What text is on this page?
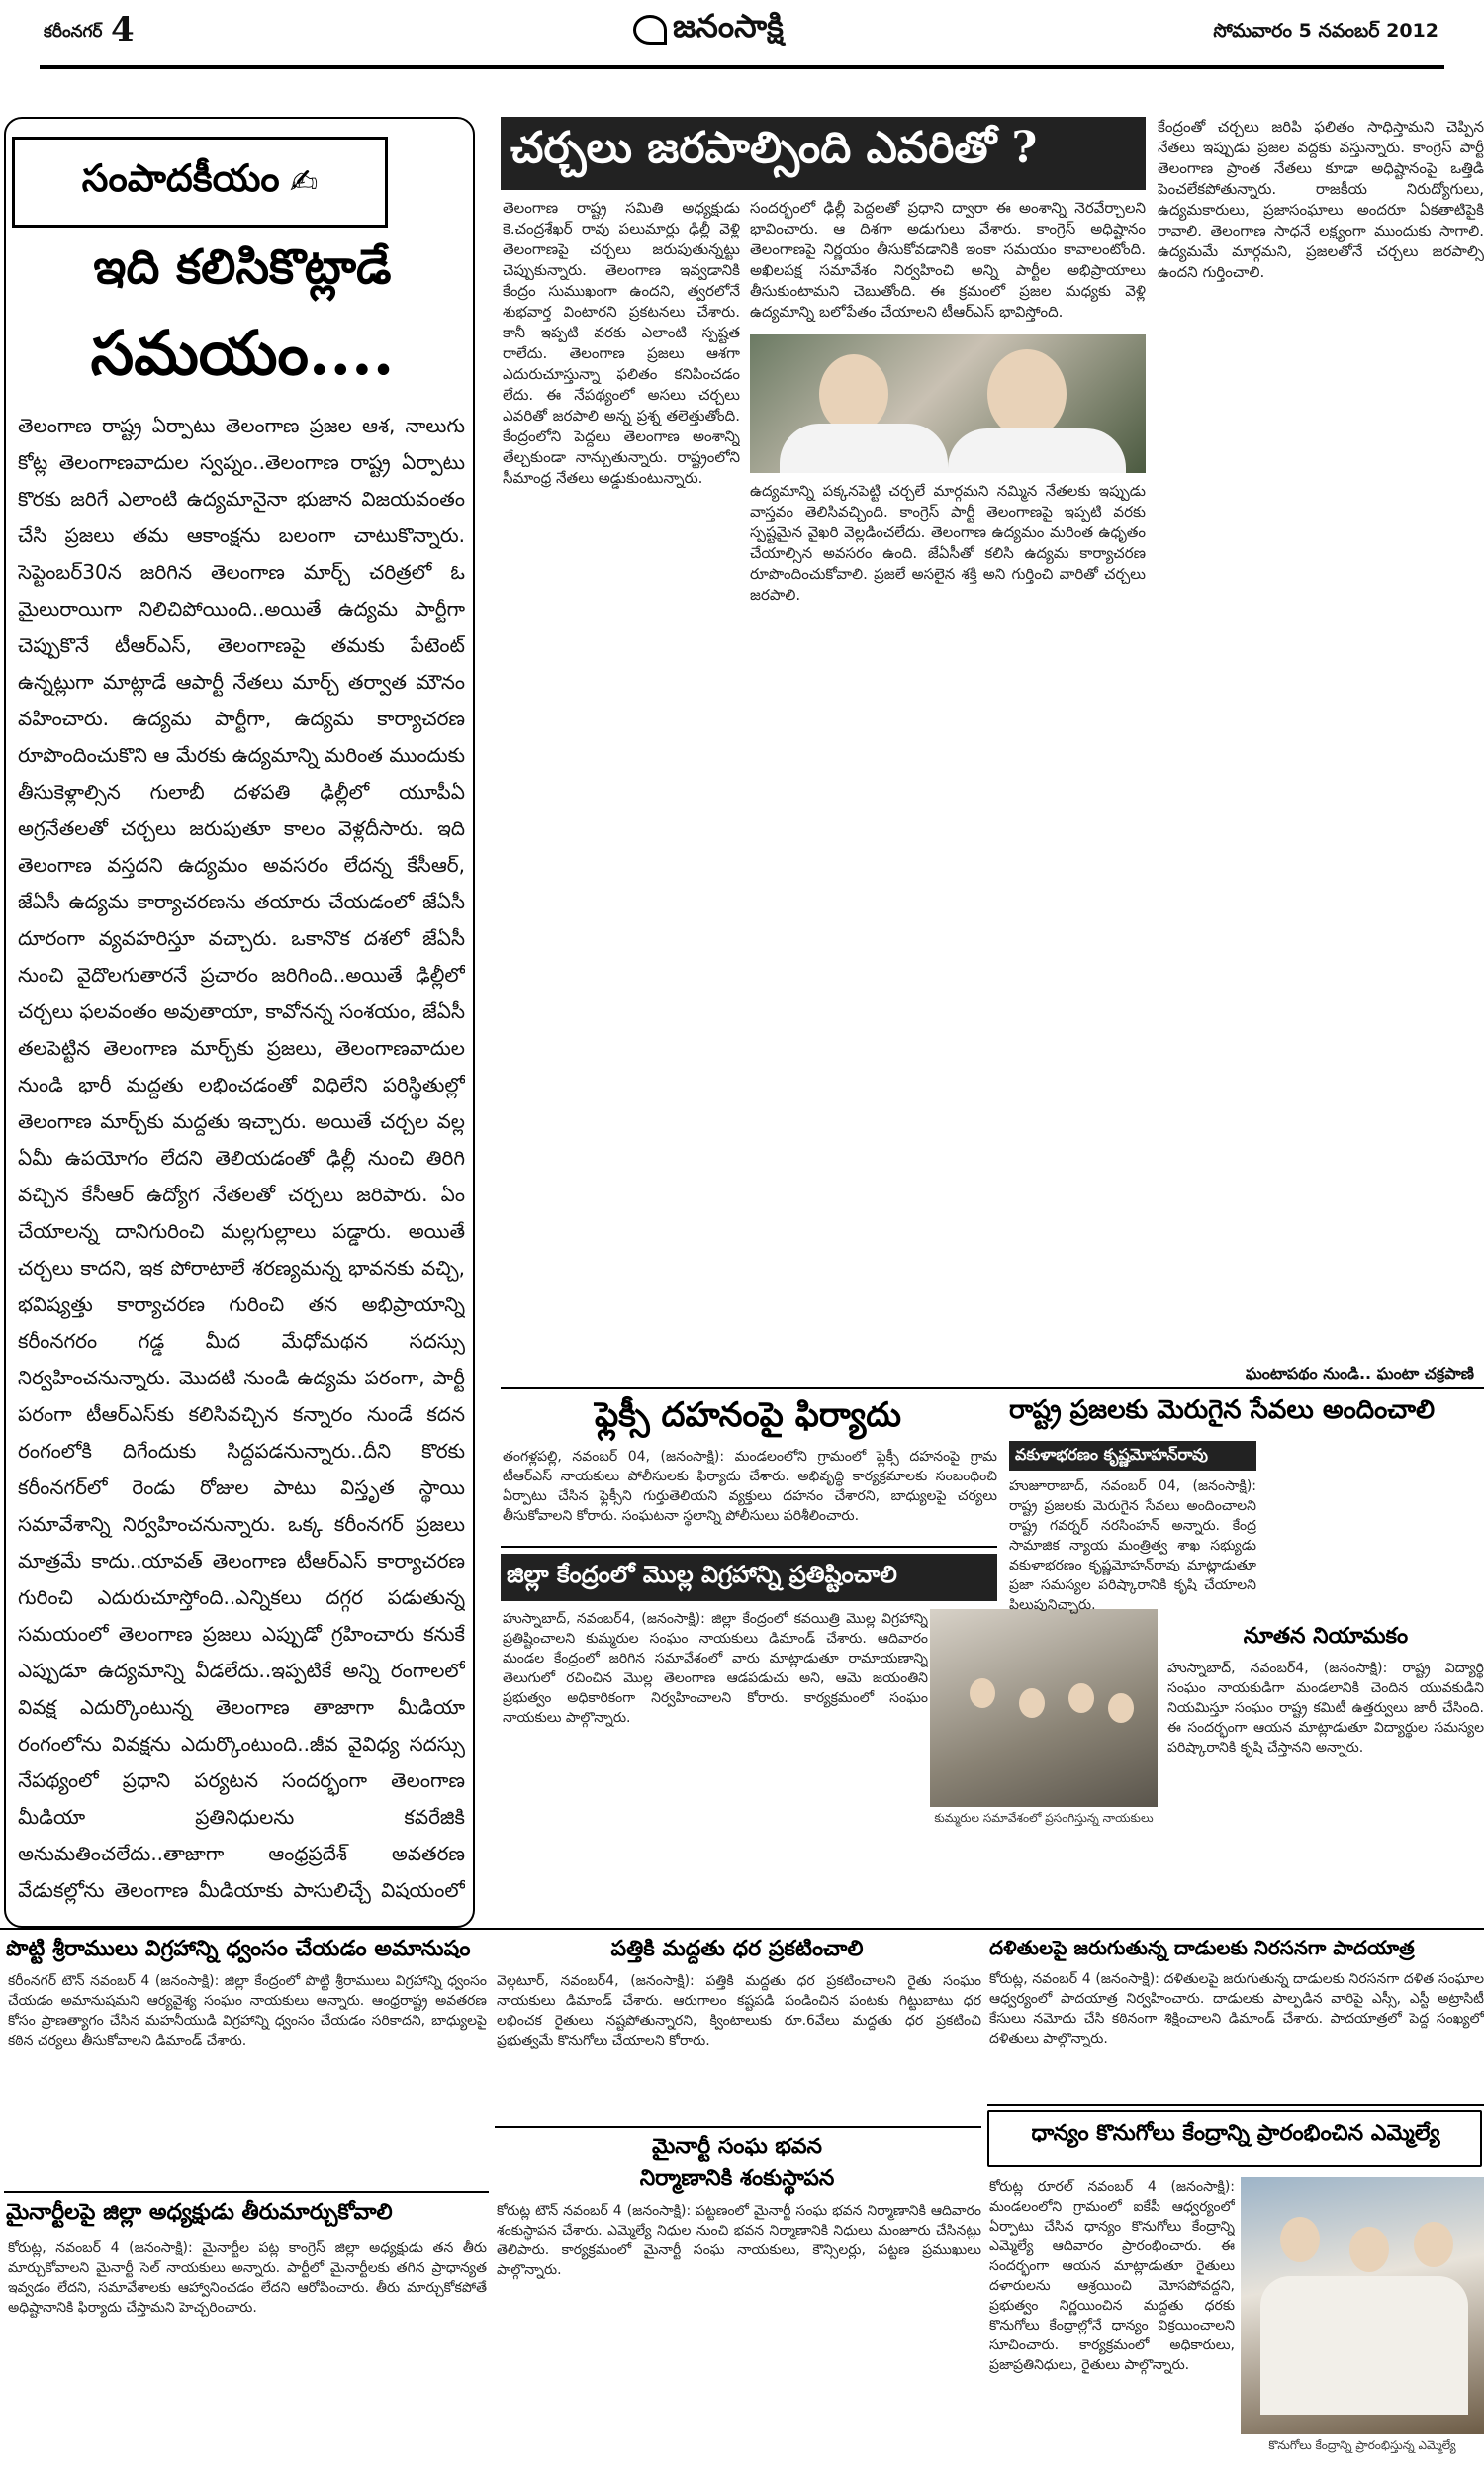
కరీంనగర్ 4	జనంసాక్షి	సోమవారం 5 నవంబర్ 2012
సంపాదకీయం ✍
ఇది కలిసికొట్లాడే
సమయం....
తెలంగాణ రాష్ట్ర ఏర్పాటు తెలంగాణ ప్రజల ఆశ, నాలుగు కోట్ల తెలంగాణవాదుల స్వప్నం..తెలంగాణ రాష్ట్ర ఏర్పాటు కొరకు జరిగే ఎలాంటి ఉద్యమానైనా భుజాన విజయవంతం చేసి ప్రజలు తమ ఆకాంక్షను బలంగా చాటుకొన్నారు. సెప్టెంబర్30న జరిగిన తెలంగాణ మార్చ్ చరిత్రలో ఓ మైలురాయిగా నిలిచిపోయింది..అయితే ఉద్యమ పార్టీగా చెప్పుకొనే టీఆర్ఎస్, తెలంగాణపై తమకు పేటెంట్ ఉన్నట్లుగా మాట్లాడే ఆపార్టీ నేతలు మార్చ్ తర్వాత మౌనం వహించారు. ఉద్యమ పార్టీగా, ఉద్యమ కార్యాచరణ రూపొందించుకొని ఆ మేరకు ఉద్యమాన్ని మరింత ముందుకు తీసుకెళ్లాల్సిన గులాబీ దళపతి ఢిల్లీలో యూపీఏ అగ్రనేతలతో చర్చలు జరుపుతూ కాలం వెళ్లదీసారు. ఇది తెలంగాణ వస్తదని ఉద్యమం అవసరం లేదన్న కేసీఆర్, జేఏసీ ఉద్యమ కార్యాచరణను తయారు చేయడంలో జేఏసీ దూరంగా వ్యవహరిస్తూ వచ్చారు. ఒకానొక దశలో జేఏసీ నుంచి వైదొలగుతారనే ప్రచారం జరిగింది..అయితే ఢిల్లీలో చర్చలు ఫలవంతం అవుతాయా, కావోనన్న సంశయం, జేఏసీ తలపెట్టిన తెలంగాణ మార్చ్‌కు ప్రజలు, తెలంగాణవాదుల నుండి భారీ మద్దతు లభించడంతో విధిలేని పరిస్థితుల్లో తెలంగాణ మార్చ్‌కు మద్దతు ఇచ్చారు. అయితే చర్చల వల్ల ఏమీ ఉపయోగం లేదని తెలియడంతో ఢిల్లీ నుంచి తిరిగి వచ్చిన కేసీఆర్ ఉద్యోగ నేతలతో చర్చలు జరిపారు. ఏం చేయాలన్న దానిగురించి మల్లగుల్లాలు పడ్డారు. అయితే చర్చలు కాదని, ఇక పోరాటాలే శరణ్యమన్న భావనకు వచ్చి, భవిష్యత్తు కార్యాచరణ గురించి తన అభిప్రాయాన్ని కరీంనగరం గడ్డ మీద మేధోమథన సదస్సు నిర్వహించనున్నారు. మొదటి నుండి ఉద్యమ పరంగా, పార్టీ పరంగా టీఆర్ఎస్‌కు కలిసివచ్చిన కన్నారం నుండే కదన రంగంలోకి దిగేందుకు సిద్దపడనున్నారు..దీని కొరకు కరీంనగర్‌లో రెండు రోజుల పాటు విస్తృత స్థాయి సమావేశాన్ని నిర్వహించనున్నారు. ఒక్క కరీంనగర్ ప్రజలు మాత్రమే కాదు..యావత్ తెలంగాణ టీఆర్ఎస్ కార్యాచరణ గురించి ఎదురుచూస్తోంది..ఎన్నికలు దగ్గర పడుతున్న సమయంలో తెలంగాణ ప్రజలు ఎప్పుడో గ్రహించారు కనుకే ఎప్పుడూ ఉద్యమాన్ని వీడలేదు..ఇప్పటికే అన్ని రంగాలలో వివక్ష ఎదుర్కొంటున్న తెలంగాణ తాజాగా మీడియా రంగంలోను వివక్షను ఎదుర్కొంటుంది..జీవ వైవిధ్య సదస్సు నేపథ్యంలో ప్రధాని పర్యటన సందర్భంగా తెలంగాణ మీడియా ప్రతినిధులను కవరేజికి అనుమతించలేదు..తాజాగా ఆంధ్రప్రదేశ్ అవతరణ వేడుకల్లోను తెలంగాణ మీడియాకు పాసులిచ్చే విషయంలో
చర్చలు జరపాల్సింది ఎవరితో ?
తెలంగాణ రాష్ట్ర సమితి అధ్యక్షుడు కె.చంద్రశేఖర్ రావు పలుమార్లు ఢిల్లీ వెళ్లి తెలంగాణపై చర్చలు జరుపుతున్నట్టు చెప్పుకున్నారు. తెలంగాణ ఇవ్వడానికి కేంద్రం సుముఖంగా ఉందని, త్వరలోనే శుభవార్త వింటారని ప్రకటనలు చేశారు. కానీ ఇప్పటి వరకు ఎలాంటి స్పష్టత రాలేదు. తెలంగాణ ప్రజలు ఆశగా ఎదురుచూస్తున్నా ఫలితం కనిపించడం లేదు. ఈ నేపథ్యంలో అసలు చర్చలు ఎవరితో జరపాలి అన్న ప్రశ్న తలెత్తుతోంది. కేంద్రంలోని పెద్దలు తెలంగాణ అంశాన్ని తేల్చకుండా నాన్చుతున్నారు. రాష్ట్రంలోని సీమాంధ్ర నేతలు అడ్డుకుంటున్నారు.
సందర్భంలో ఢిల్లీ పెద్దలతో ప్రధాని ద్వారా ఈ అంశాన్ని నెరవేర్చాలని భావించారు. ఆ దిశగా అడుగులు వేశారు. కాంగ్రెస్ అధిష్టానం తెలంగాణపై నిర్ణయం తీసుకోవడానికి ఇంకా సమయం కావాలంటోంది. అఖిలపక్ష సమావేశం నిర్వహించి అన్ని పార్టీల అభిప్రాయాలు తీసుకుంటామని చెబుతోంది. ఈ క్రమంలో ప్రజల మధ్యకు వెళ్లి ఉద్యమాన్ని బలోపేతం చేయాలని టీఆర్ఎస్ భావిస్తోంది.
ఉద్యమాన్ని పక్కనపెట్టి చర్చలే మార్గమని నమ్మిన నేతలకు ఇప్పుడు వాస్తవం తెలిసివచ్చింది. కాంగ్రెస్ పార్టీ తెలంగాణపై ఇప్పటి వరకు స్పష్టమైన వైఖరి వెల్లడించలేదు. తెలంగాణ ఉద్యమం మరింత ఉధృతం చేయాల్సిన అవసరం ఉంది. జేఏసీతో కలిసి ఉద్యమ కార్యాచరణ రూపొందించుకోవాలి. ప్రజలే అసలైన శక్తి అని గుర్తించి వారితో చర్చలు జరపాలి.
కేంద్రంతో చర్చలు జరిపి ఫలితం సాధిస్తామని చెప్పిన నేతలు ఇప్పుడు ప్రజల వద్దకు వస్తున్నారు. కాంగ్రెస్ పార్టీ తెలంగాణ ప్రాంత నేతలు కూడా అధిష్టానంపై ఒత్తిడి పెంచలేకపోతున్నారు. రాజకీయ నిరుద్యోగులు, ఉద్యమకారులు, ప్రజాసంఘాలు అందరూ ఏకతాటిపైకి రావాలి. తెలంగాణ సాధనే లక్ష్యంగా ముందుకు సాగాలి. ఉద్యమమే మార్గమని, ప్రజలతోనే చర్చలు జరపాల్సి ఉందని గుర్తించాలి.
ఘంటాపథం నుండి.. ఘంటా చక్రపాణి
ఫ్లెక్సీ దహనంపై ఫిర్యాదు
తంగళ్లపల్లి, నవంబర్ 04, (జనంసాక్షి): మండలంలోని గ్రామంలో ఫ్లెక్సీ దహనంపై గ్రామ టీఆర్ఎస్ నాయకులు పోలీసులకు ఫిర్యాదు చేశారు. అభివృద్ధి కార్యక్రమాలకు సంబంధించి ఏర్పాటు చేసిన ఫ్లెక్సీని గుర్తుతెలియని వ్యక్తులు దహనం చేశారని, బాధ్యులపై చర్యలు తీసుకోవాలని కోరారు. సంఘటనా స్థలాన్ని పోలీసులు పరిశీలించారు.
జిల్లా కేంద్రంలో మొల్ల విగ్రహాన్ని ప్రతిష్టించాలి
హుస్నాబాద్, నవంబర్4, (జనంసాక్షి): జిల్లా కేంద్రంలో కవయిత్రి మొల్ల విగ్రహాన్ని ప్రతిష్టించాలని కుమ్మరుల సంఘం నాయకులు డిమాండ్ చేశారు. ఆదివారం మండల కేంద్రంలో జరిగిన సమావేశంలో వారు మాట్లాడుతూ రామాయణాన్ని తెలుగులో రచించిన మొల్ల తెలంగాణ ఆడపడుచు అని, ఆమె జయంతిని ప్రభుత్వం అధికారికంగా నిర్వహించాలని కోరారు. కార్యక్రమంలో సంఘం నాయకులు పాల్గొన్నారు.
కుమ్మరుల సమావేశంలో ప్రసంగిస్తున్న నాయకులు
రాష్ట్ర ప్రజలకు మెరుగైన సేవలు అందించాలి
వకుళాభరణం కృష్ణమోహన్‌రావు
హుజూరాబాద్, నవంబర్ 04, (జనంసాక్షి): రాష్ట్ర ప్రజలకు మెరుగైన సేవలు అందించాలని రాష్ట్ర గవర్నర్ నరసింహన్ అన్నారు. కేంద్ర సామాజిక న్యాయ మంత్రిత్వ శాఖ సభ్యుడు వకుళాభరణం కృష్ణమోహన్‌రావు మాట్లాడుతూ ప్రజా సమస్యల పరిష్కారానికి కృషి చేయాలని పిలుపునిచ్చారు.
నూతన నియామకం
హుస్నాబాద్, నవంబర్4, (జనంసాక్షి): రాష్ట్ర విద్యార్థి సంఘం నాయకుడిగా మండలానికి చెందిన యువకుడిని నియమిస్తూ సంఘం రాష్ట్ర కమిటీ ఉత్తర్వులు జారీ చేసింది. ఈ సందర్భంగా ఆయన మాట్లాడుతూ విద్యార్థుల సమస్యల పరిష్కారానికి కృషి చేస్తానని అన్నారు.
పొట్టి శ్రీరాములు విగ్రహాన్ని ధ్వంసం చేయడం అమానుషం
కరీంనగర్ టౌన్ నవంబర్ 4 (జనంసాక్షి): జిల్లా కేంద్రంలో పొట్టి శ్రీరాములు విగ్రహాన్ని ధ్వంసం చేయడం అమానుషమని ఆర్యవైశ్య సంఘం నాయకులు అన్నారు. ఆంధ్రరాష్ట్ర అవతరణ కోసం ప్రాణత్యాగం చేసిన మహనీయుడి విగ్రహాన్ని ధ్వంసం చేయడం సరికాదని, బాధ్యులపై కఠిన చర్యలు తీసుకోవాలని డిమాండ్ చేశారు.
మైనార్టీలపై జిల్లా అధ్యక్షుడు తీరుమార్చుకోవాలి
కోరుట్ల, నవంబర్ 4 (జనంసాక్షి): మైనార్టీల పట్ల కాంగ్రెస్ జిల్లా అధ్యక్షుడు తన తీరు మార్చుకోవాలని మైనార్టీ సెల్ నాయకులు అన్నారు. పార్టీలో మైనార్టీలకు తగిన ప్రాధాన్యత ఇవ్వడం లేదని, సమావేశాలకు ఆహ్వానించడం లేదని ఆరోపించారు. తీరు మార్చుకోకపోతే అధిష్టానానికి ఫిర్యాదు చేస్తామని హెచ్చరించారు.
పత్తికి మద్దతు ధర ప్రకటించాలి
వెల్గటూర్, నవంబర్4, (జనంసాక్షి): పత్తికి మద్దతు ధర ప్రకటించాలని రైతు సంఘం నాయకులు డిమాండ్ చేశారు. ఆరుగాలం కష్టపడి పండించిన పంటకు గిట్టుబాటు ధర లభించక రైతులు నష్టపోతున్నారని, క్వింటాలుకు రూ.6వేలు మద్దతు ధర ప్రకటించి ప్రభుత్వమే కొనుగోలు చేయాలని కోరారు.
మైనార్టీ సంఘ భవన
నిర్మాణానికి శంకుస్థాపన
కోరుట్ల టౌన్ నవంబర్ 4 (జనంసాక్షి): పట్టణంలో మైనార్టీ సంఘ భవన నిర్మాణానికి ఆదివారం శంకుస్థాపన చేశారు. ఎమ్మెల్యే నిధుల నుంచి భవన నిర్మాణానికి నిధులు మంజూరు చేసినట్లు తెలిపారు. కార్యక్రమంలో మైనార్టీ సంఘ నాయకులు, కౌన్సిలర్లు, పట్టణ ప్రముఖులు పాల్గొన్నారు.
దళితులపై జరుగుతున్న దాడులకు నిరసనగా పాదయాత్ర
కోరుట్ల, నవంబర్ 4 (జనంసాక్షి): దళితులపై జరుగుతున్న దాడులకు నిరసనగా దళిత సంఘాల ఆధ్వర్యంలో పాదయాత్ర నిర్వహించారు. దాడులకు పాల్పడిన వారిపై ఎస్సీ, ఎస్టీ అట్రాసిటీ కేసులు నమోదు చేసి కఠినంగా శిక్షించాలని డిమాండ్ చేశారు. పాదయాత్రలో పెద్ద సంఖ్యలో దళితులు పాల్గొన్నారు.
ధాన్యం కొనుగోలు కేంద్రాన్ని ప్రారంభించిన ఎమ్మెల్యే
కోరుట్ల రూరల్ నవంబర్ 4 (జనంసాక్షి): మండలంలోని గ్రామంలో ఐకేపీ ఆధ్వర్యంలో ఏర్పాటు చేసిన ధాన్యం కొనుగోలు కేంద్రాన్ని ఎమ్మెల్యే ఆదివారం ప్రారంభించారు. ఈ సందర్భంగా ఆయన మాట్లాడుతూ రైతులు దళారులను ఆశ్రయించి మోసపోవద్దని, ప్రభుత్వం నిర్ణయించిన మద్దతు ధరకు కొనుగోలు కేంద్రాల్లోనే ధాన్యం విక్రయించాలని సూచించారు. కార్యక్రమంలో అధికారులు, ప్రజాప్రతినిధులు, రైతులు పాల్గొన్నారు.
కొనుగోలు కేంద్రాన్ని ప్రారంభిస్తున్న ఎమ్మెల్యే
